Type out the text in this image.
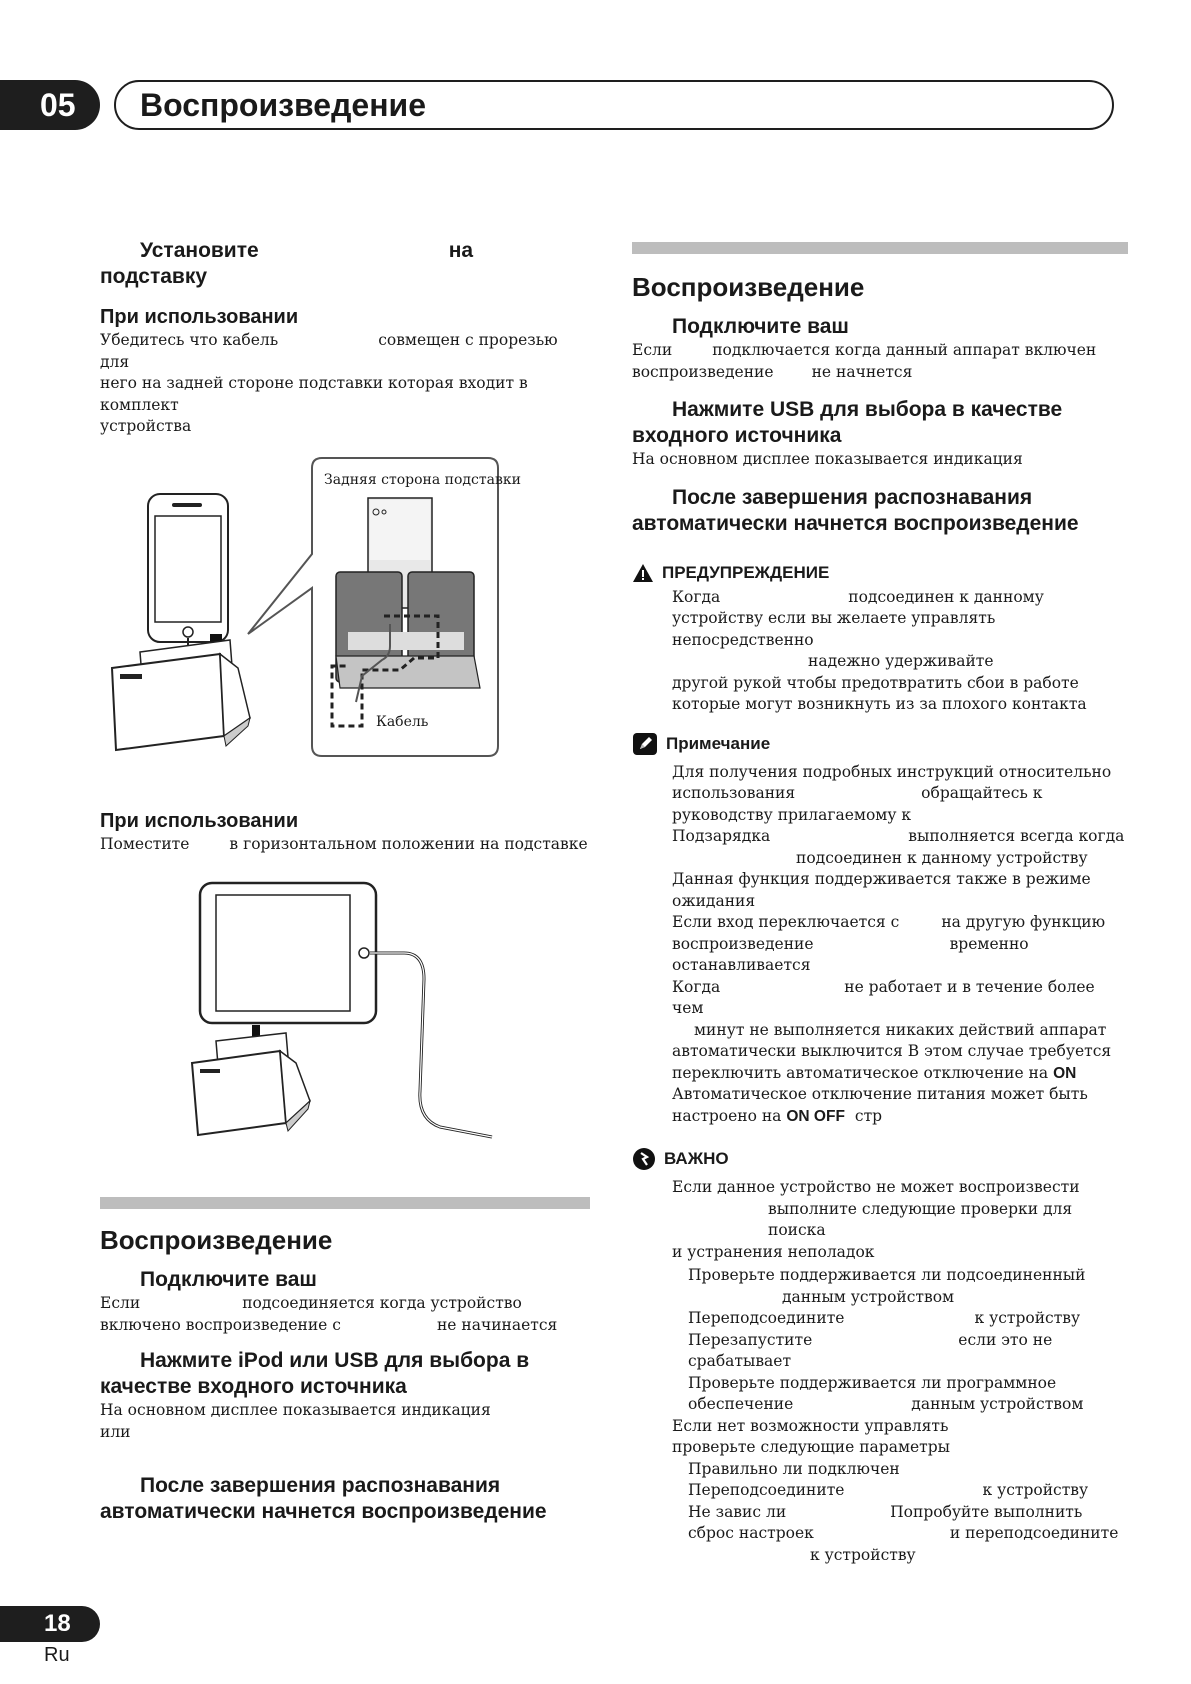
05	Воспроизведение
Установите	на
подставку
При использовании
Убедитесь что кабель	совмещен с прорезью для
него на задней стороне подставки которая входит в комплект
устройства
Задняя сторона подставки
Кабель
При использовании
Поместите	в горизонтальном положении на подставке
Воспроизведение
Подключите ваш
Если	подсоединяется когда устройство
включено воспроизведение с	не начинается
Нажмите iPod или USB для выбора в
качестве входного источника
На основном дисплее показывается индикацияили
После завершения распознавания
автоматически начнется воспроизведение
Воспроизведение
Подключите ваш
Если	подключается когда данный аппарат включен
воспроизведение не начнется
Нажмите USB для выбора в качестве
входного источника
На основном дисплее показывается индикация
После завершения распознавания
автоматически начнется воспроизведение
ПРЕДУПРЕЖДЕНИЕ
Когда	подсоединен к данному
устройству если вы желаете управлять непосредственно
надежно удерживайте
другой рукой чтобы предотвратить сбои в работе
которые могут возникнуть из за плохого контакта
Примечание
Для получения подробных инструкций относительно
использования	обращайтесь к
руководству прилагаемому к
Подзарядка	выполняется всегда когда
подсоединен к данному устройству
Данная функция поддерживается также в режиме
ожидания
Если вход переключается с	на другую функцию
воспроизведение	временно
останавливается
Когда	не работает и в течение более чем
минут не выполняется никаких действий аппарат
автоматически выключится В этом случае требуется
переключить автоматическое отключение на ON
Автоматическое отключение питания может быть
настроено на ON OFF стр
ВАЖНО
Если данное устройство не может воспроизвести
выполните следующие проверки для поиска
и устранения неполадок
Проверьте поддерживается ли подсоединенный
данным устройством
Переподсоедините	к устройству
Перезапустите	если это не
срабатывает
Проверьте поддерживается ли программное
обеспечение	данным устройством
Если нет возможности управлять
проверьте следующие параметры
Правильно ли подключен
Переподсоедините	к устройству
Не завис ли	Попробуйте выполнить
сброс настроек	и переподсоедините
к устройству
18
Ru
